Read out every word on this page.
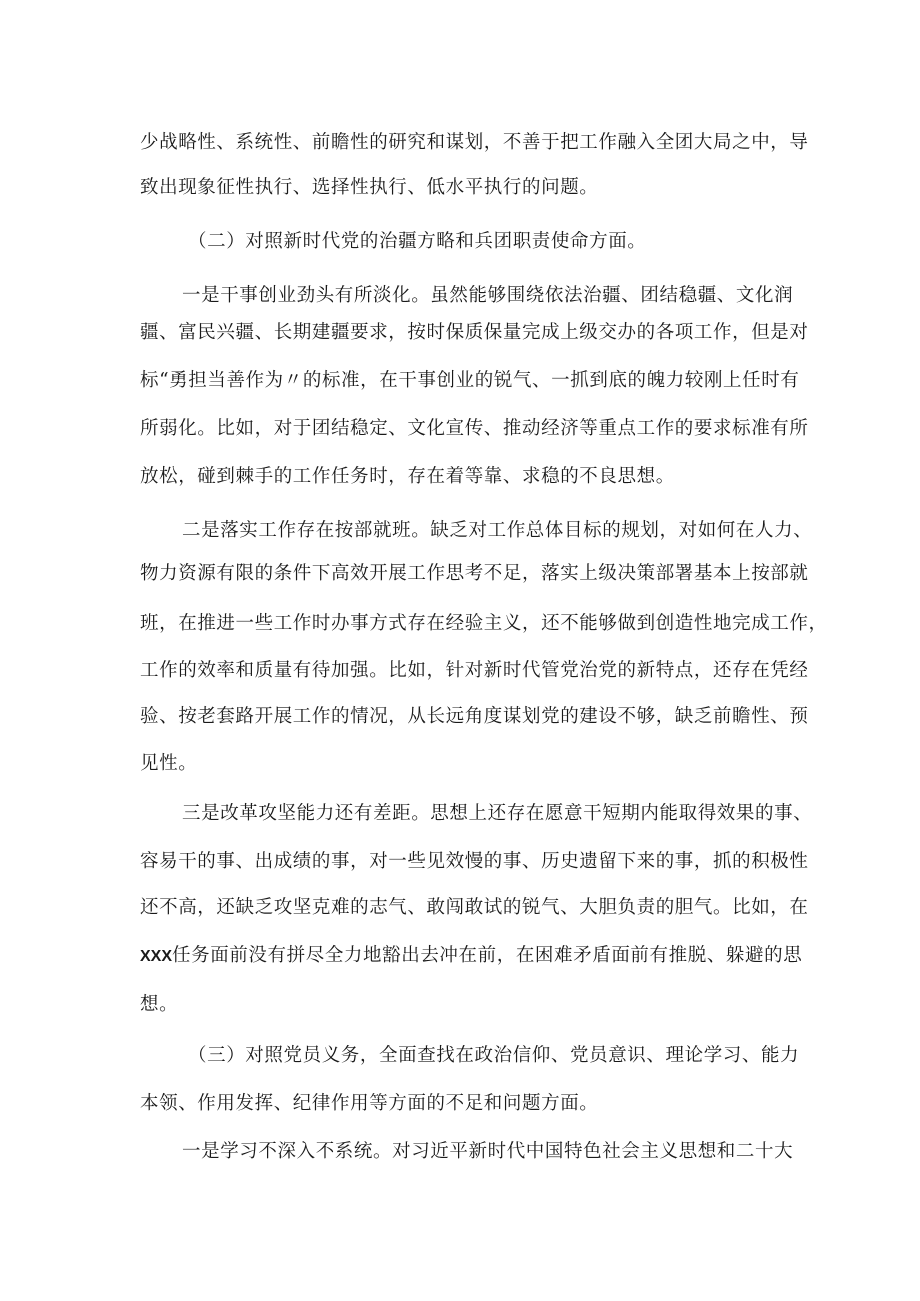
少战略性、系统性、前瞻性的研究和谋划，不善于把工作融入全团大局之中，导
致出现象征性执行、选择性执行、低水平执行的问题。
（二）对照新时代党的治疆方略和兵团职责使命方面。
一是干事创业劲头有所淡化。虽然能够围绕依法治疆、团结稳疆、文化润
疆、富民兴疆、长期建疆要求，按时保质保量完成上级交办的各项工作，但是对
标“勇担当善作为〃的标准，在干事创业的锐气、一抓到底的魄力较刚上任时有
所弱化。比如，对于团结稳定、文化宣传、推动经济等重点工作的要求标准有所
放松，碰到棘手的工作任务时，存在着等靠、求稳的不良思想。
二是落实工作存在按部就班。缺乏对工作总体目标的规划，对如何在人力、
物力资源有限的条件下高效开展工作思考不足，落实上级决策部署基本上按部就
班，在推进一些工作时办事方式存在经验主义，还不能够做到创造性地完成工作，
工作的效率和质量有待加强。比如，针对新时代管党治党的新特点，还存在凭经
验、按老套路开展工作的情况，从长远角度谋划党的建设不够，缺乏前瞻性、预
见性。
三是改革攻坚能力还有差距。思想上还存在愿意干短期内能取得效果的事、
容易干的事、出成绩的事，对一些见效慢的事、历史遗留下来的事，抓的积极性
还不高，还缺乏攻坚克难的志气、敢闯敢试的锐气、大胆负责的胆气。比如，在
XXX任务面前没有拼尽全力地豁出去冲在前，在困难矛盾面前有推脱、躲避的思
想。
（三）对照党员义务，全面查找在政治信仰、党员意识、理论学习、能力
本领、作用发挥、纪律作用等方面的不足和问题方面。
一是学习不深入不系统。对习近平新时代中国特色社会主义思想和二十大
